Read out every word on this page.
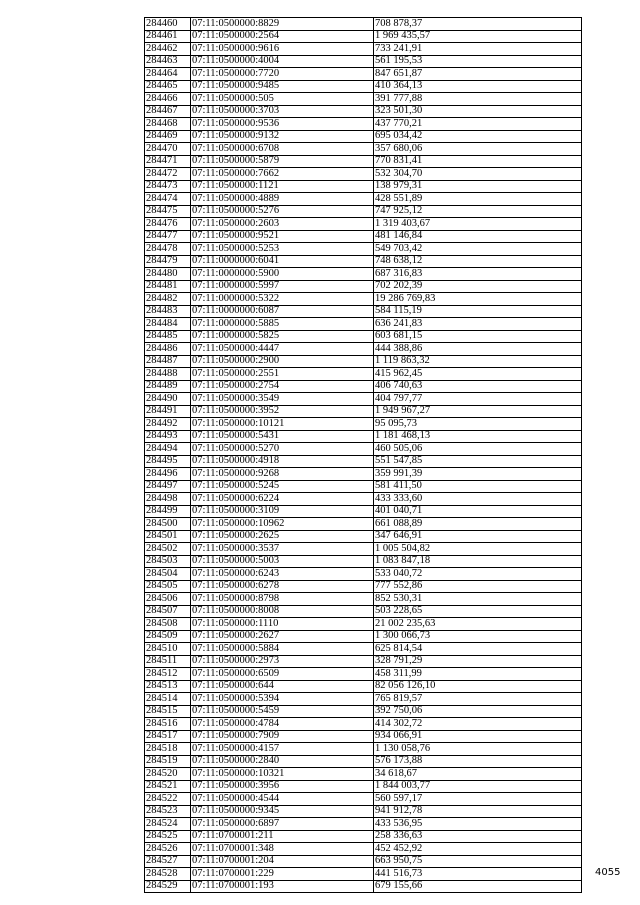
284460	07:11:0500000:8829	708 878,37
284461	07:11:0500000:2564	1 969 435,57
284462	07:11:0500000:9616	733 241,91
284463	07:11:0500000:4004	561 195,53
284464	07:11:0500000:7720	847 651,87
284465	07:11:0500000:9485	410 364,13
284466	07:11:0500000:505	391 777,88
284467	07:11:0500000:3703	323 501,30
284468	07:11:0500000:9536	437 770,21
284469	07:11:0500000:9132	695 034,42
284470	07:11:0500000:6708	357 680,06
284471	07:11:0500000:5879	770 831,41
284472	07:11:0500000:7662	532 304,70
284473	07:11:0500000:1121	138 979,31
284474	07:11:0500000:4889	428 551,89
284475	07:11:0500000:5276	747 925,12
284476	07:11:0500000:2603	1 319 403,67
284477	07:11:0500000:9521	481 146,84
284478	07:11:0500000:5253	549 703,42
284479	07:11:0000000:6041	748 638,12
284480	07:11:0000000:5900	687 316,83
284481	07:11:0000000:5997	702 202,39
284482	07:11:0000000:5322	19 286 769,83
284483	07:11:0000000:6087	584 115,19
284484	07:11:0000000:5885	636 241,83
284485	07:11:0000000:5825	603 681,15
284486	07:11:0500000:4447	444 388,86
284487	07:11:0500000:2900	1 119 863,32
284488	07:11:0500000:2551	415 962,45
284489	07:11:0500000:2754	406 740,63
284490	07:11:0500000:3549	404 797,77
284491	07:11:0500000:3952	1 949 967,27
284492	07:11:0500000:10121	95 095,73
284493	07:11:0500000:5431	1 181 468,13
284494	07:11:0500000:5270	460 505,06
284495	07:11:0500000:4918	551 547,85
284496	07:11:0500000:9268	359 991,39
284497	07:11:0500000:5245	581 411,50
284498	07:11:0500000:6224	433 333,60
284499	07:11:0500000:3109	401 040,71
284500	07:11:0500000:10962	661 088,89
284501	07:11:0500000:2625	347 646,91
284502	07:11:0500000:3537	1 005 504,82
284503	07:11:0500000:5003	1 083 847,18
284504	07:11:0500000:6243	533 040,72
284505	07:11:0500000:6278	777 552,86
284506	07:11:0500000:8798	852 530,31
284507	07:11:0500000:8008	503 228,65
284508	07:11:0500000:1110	21 002 235,63
284509	07:11:0500000:2627	1 300 066,73
284510	07:11:0500000:5884	625 814,54
284511	07:11:0500000:2973	328 791,29
284512	07:11:0500000:6509	458 311,99
284513	07:11:0500000:644	82 056 126,10
284514	07:11:0500000:5394	765 819,57
284515	07:11:0500000:5459	392 750,06
284516	07:11:0500000:4784	414 302,72
284517	07:11:0500000:7909	934 066,91
284518	07:11:0500000:4157	1 130 058,76
284519	07:11:0500000:2840	576 173,88
284520	07:11:0500000:10321	34 618,67
284521	07:11:0500000:3956	1 844 003,77
284522	07:11:0500000:4544	560 597,17
284523	07:11:0500000:9345	941 912,78
284524	07:11:0500000:6897	433 536,95
284525	07:11:0700001:211	258 336,63
284526	07:11:0700001:348	452 452,92
284527	07:11:0700001:204	663 950,75
284528	07:11:0700001:229	441 516,73
284529	07:11:0700001:193	679 155,66
4055
